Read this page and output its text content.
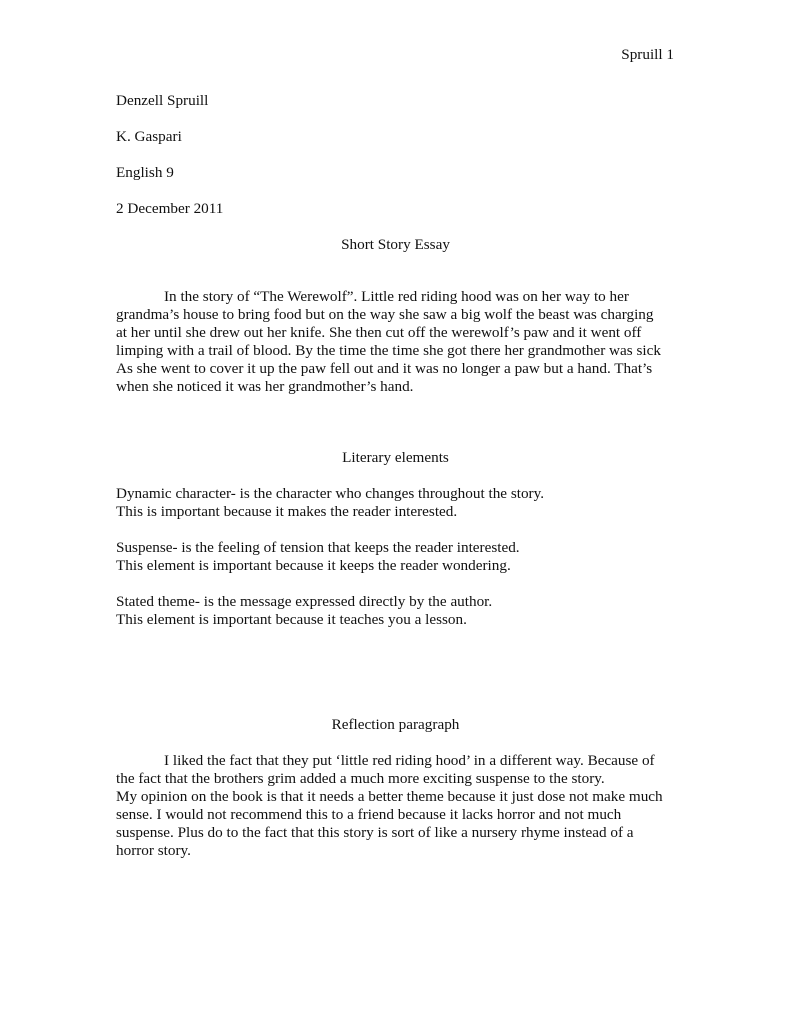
Spruill 1
Denzell Spruill
K. Gaspari
English 9
2 December 2011
Short Story Essay
In the story of “The Werewolf”. Little red riding hood was on her way to her
grandma’s house to bring food but on the way she saw a big wolf the beast was charging
at her until she drew out her knife. She then cut off the werewolf’s paw and it went off
limping with a trail of blood. By the time the time she got there her grandmother was sick
As she went to cover it up the paw fell out and it was no longer a paw but a hand. That’s
when she noticed it was her grandmother’s hand.
Literary elements
Dynamic character- is the character who changes throughout the story.
This is important because it makes the reader interested.
Suspense- is the feeling of tension that keeps the reader interested.
This element is important because it keeps the reader wondering.
Stated theme- is the message expressed directly by the author.
This element is important because it teaches you a lesson.
Reflection paragraph
I liked the fact that they put ‘little red riding hood’ in a different way. Because of
the fact that the brothers grim added a much more exciting suspense to the story.
My opinion on the book is that it needs a better theme because it just dose not make much
sense. I would not recommend this to a friend because it lacks horror and not much
suspense. Plus do to the fact that this story is sort of like a nursery rhyme instead of a
horror story.
